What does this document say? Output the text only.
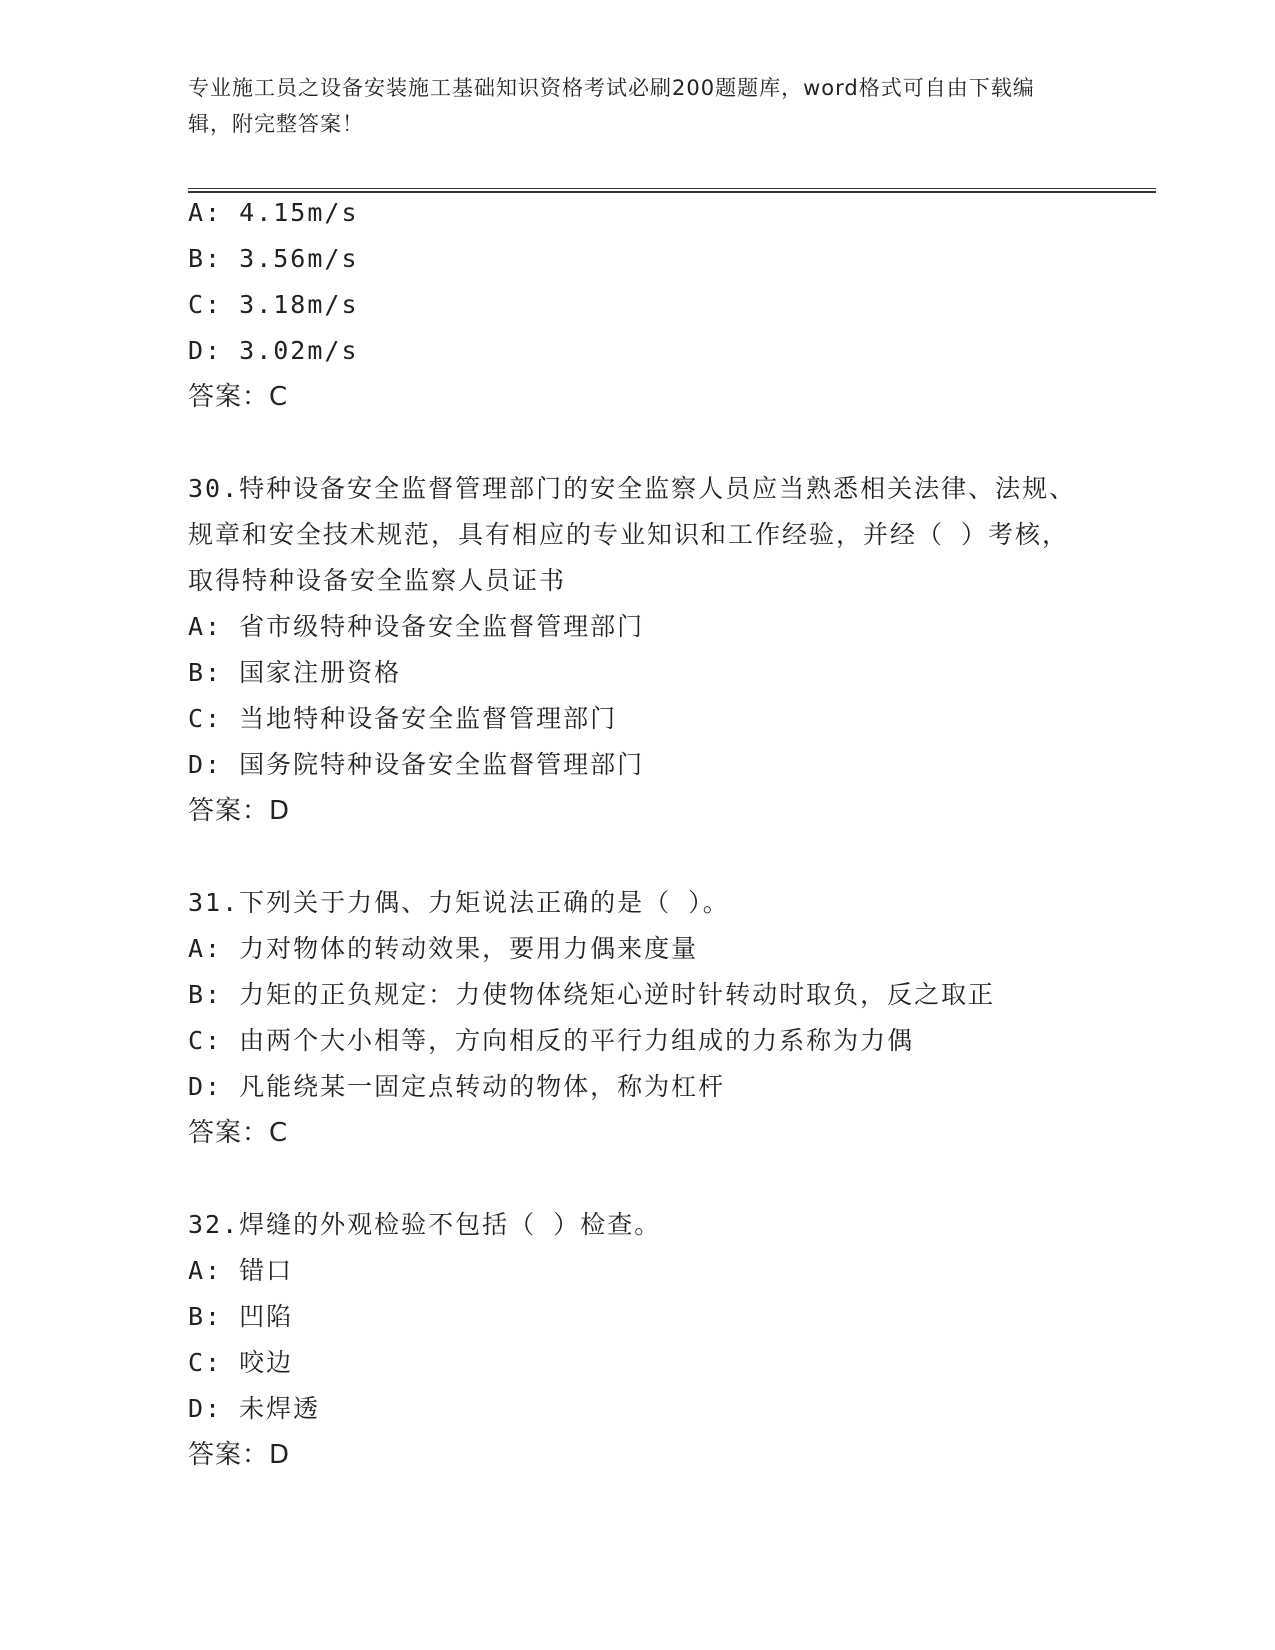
专业施工员之设备安装施工基础知识资格考试必刷200题题库，word格式可自由下载编辑，附完整答案！

A: 4.15m/s
B: 3.56m/s
C: 3.18m/s
D: 3.02m/s
答案：C
30.特种设备安全监督管理部门的安全监察人员应当熟悉相关法律、法规、规章和安全技术规范，具有相应的专业知识和工作经验，并经（ ）考核，取得特种设备安全监察人员证书
A: 省市级特种设备安全监督管理部门
B: 国家注册资格
C: 当地特种设备安全监督管理部门
D: 国务院特种设备安全监督管理部门
答案：D
31.下列关于力偶、力矩说法正确的是（ ）。
A: 力对物体的转动效果，要用力偶来度量
B: 力矩的正负规定：力使物体绕矩心逆时针转动时取负，反之取正
C: 由两个大小相等，方向相反的平行力组成的力系称为力偶
D: 凡能绕某一固定点转动的物体，称为杠杆
答案：C
32.焊缝的外观检验不包括（ ）检查。
A: 错口
B: 凹陷
C: 咬边
D: 未焊透
答案：D
